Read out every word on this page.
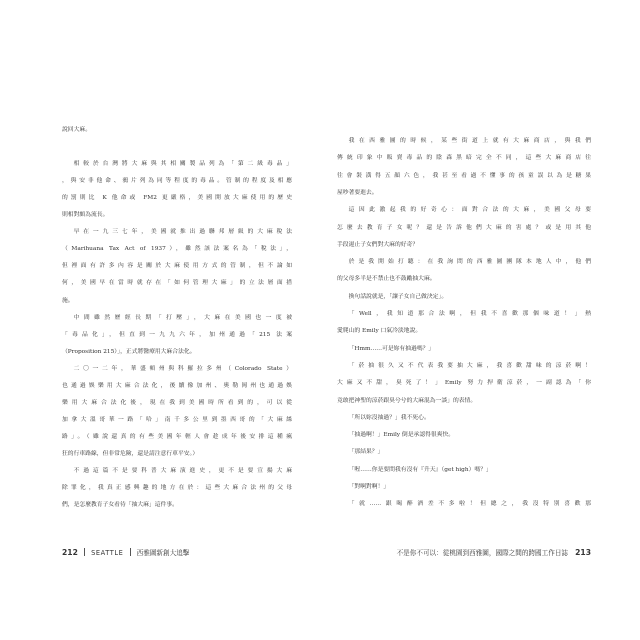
說回大麻。
相較於台灣將大麻與其相關製品列為「第二級毒品」
，與安非他命、鴉片列為同等程度的毒品。管制的程度及相應
的罰則比 K 他命或 FM2 更嚴格，美國開放大麻使用的歷史
則相對頗為流長。
早在一九三七年，美國就推出過聯邦層級的大麻稅法
（Marihuana Tax Act of 1937），雖然該法案名為「稅法」，
但裡面有許多內容是關於大麻使用方式的管制，但不論如
何，美國早在當時就存在「如何管理大麻」的立法層面措
施。
中間雖然歷經長期「打壓」，大麻在美國也一度被
「毒品化」，但直到一九九六年，加州通過「215 法案
（Proposition 215）」，正式將醫療用大麻合法化。
二〇一二年，華盛頓州與科羅拉多州（Colorado State）
也通過娛樂用大麻合法化，後續像加州、奧勒岡州也通過娛
樂用大麻合法化後，現在我到美國時所看到的，可以從
加拿大溫哥華一路「哈」南千多公里到墨西哥的「大麻絲
路」。（雖說還真的有些美國年輕人會趁成年後安排這種瘋
狂的行車路線，但非常危險，還是請注意行車平安。）
不過這篇不是要科普大麻演進史，更不是要宣揚大麻
除罪化，我真正感興趣的地方在於：這些大麻合法州的父母
們，是怎麼教育子女看待「抽大麻」這件事。
212 SEATTLE 西雅圖新創大追擊
我在西雅圖的時候，某些街道上就有大麻商店，與我們
傳統印象中販賣毒品的陰森黑暗完全不同，這些大麻商店往
往會裝潢得五顏六色，我甚至看過不懂事的孩童誤以為是糖果
屋吵著要進去。
這因此激起我的好奇心：面對合法的大麻，美國父母要
怎麼去教育子女呢？還是告訴他們大麻的害處？或是用其他
手段遏止子女們對大麻的好奇？
於是我開始打聽：在我詢問的西雅圖團隊本地人中，他們
的父母多半是不禁止也不鼓勵抽大麻。
換句話說就是，「讓子女自己做決定」。
「Well，我知道那合法啊，但我不喜歡那個味道！」熱
愛爬山的 Emily 口氣冷淡地說。
「Hmm……可是妳有抽過嗎？」
「菸抽很久又不代表我要抽大麻，我喜歡甜味的涼菸啊！
大麻又不甜，臭死了！」Emily 努力捍衛涼菸，一副認為「你
竟敢把神聖的涼菸跟臭兮兮的大麻混為一談」的表情。
「所以妳沒抽過？」我不死心。
「抽過啊！」Emily 倒是承認得很爽快。
「那結果？」
「喔……你是要問我有沒有『升天』（get high）嗎？」
「對啊對啊！」
「就……跟喝醉酒差不多啦！但總之，我沒特別喜歡那
不是你不可以：從桃園到西雅圖，國際之間的跨國工作日誌 213
